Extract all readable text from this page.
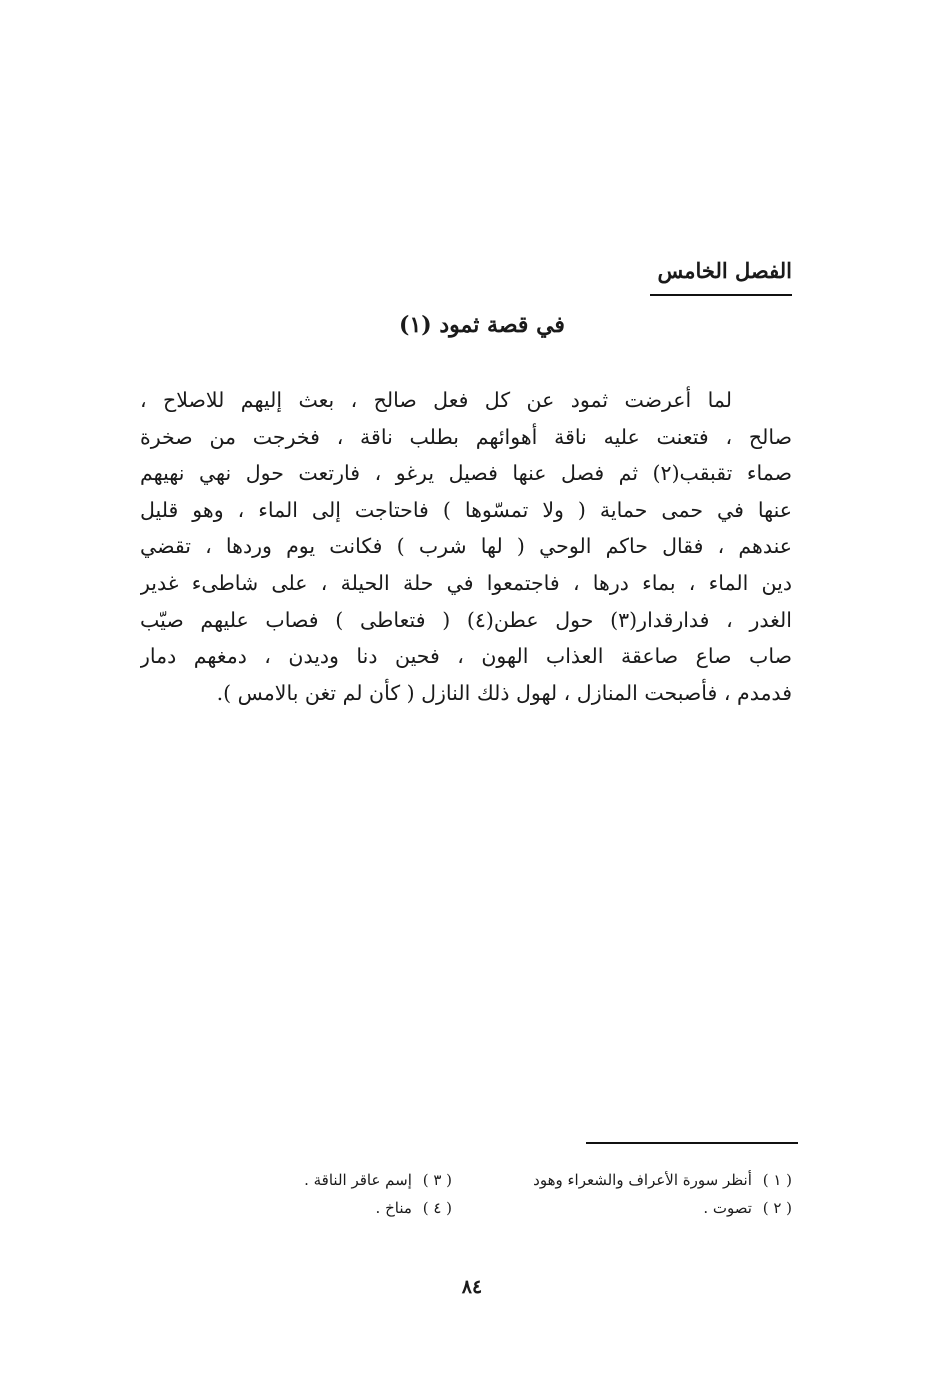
الفصل الخامس
في قصة ثمود (١)
لما أعرضت ثمود عن كل فعل صالح ، بعث إليهم للاصلاح ،
صالح ، فتعنت عليه ناقة أهوائهم بطلب ناقة ، فخرجت من صخرة
صماء تقبقب(٢) ثم فصل عنها فصيل يرغو ، فارتعت حول نهي نهيهم
عنها في حمى حماية ( ولا تمسّوها ) فاحتاجت إلى الماء ، وهو قليل
عندهم ، فقال حاكم الوحي ( لها شرب ) فكانت يوم وردها ، تقضي
دين الماء ، بماء درها ، فاجتمعوا في حلة الحيلة ، على شاطىء غدير
الغدر ، فدارقدار(٣) حول عطن(٤) ( فتعاطى ) فصاب عليهم صيّب
صاب صاع صاعقة العذاب الهون ، فحين دنا وديدن ، دمغهم دمار
فدمدم ، فأصبحت المنازل ، لهول ذلك النازل ( كأن لم تغن بالامس ).
( ١ ) أنظر سورة الأعراف والشعراء وهود
( ٣ ) إسم عاقر الناقة .
( ٢ ) تصوت .
( ٤ ) مناخ .
٨٤
